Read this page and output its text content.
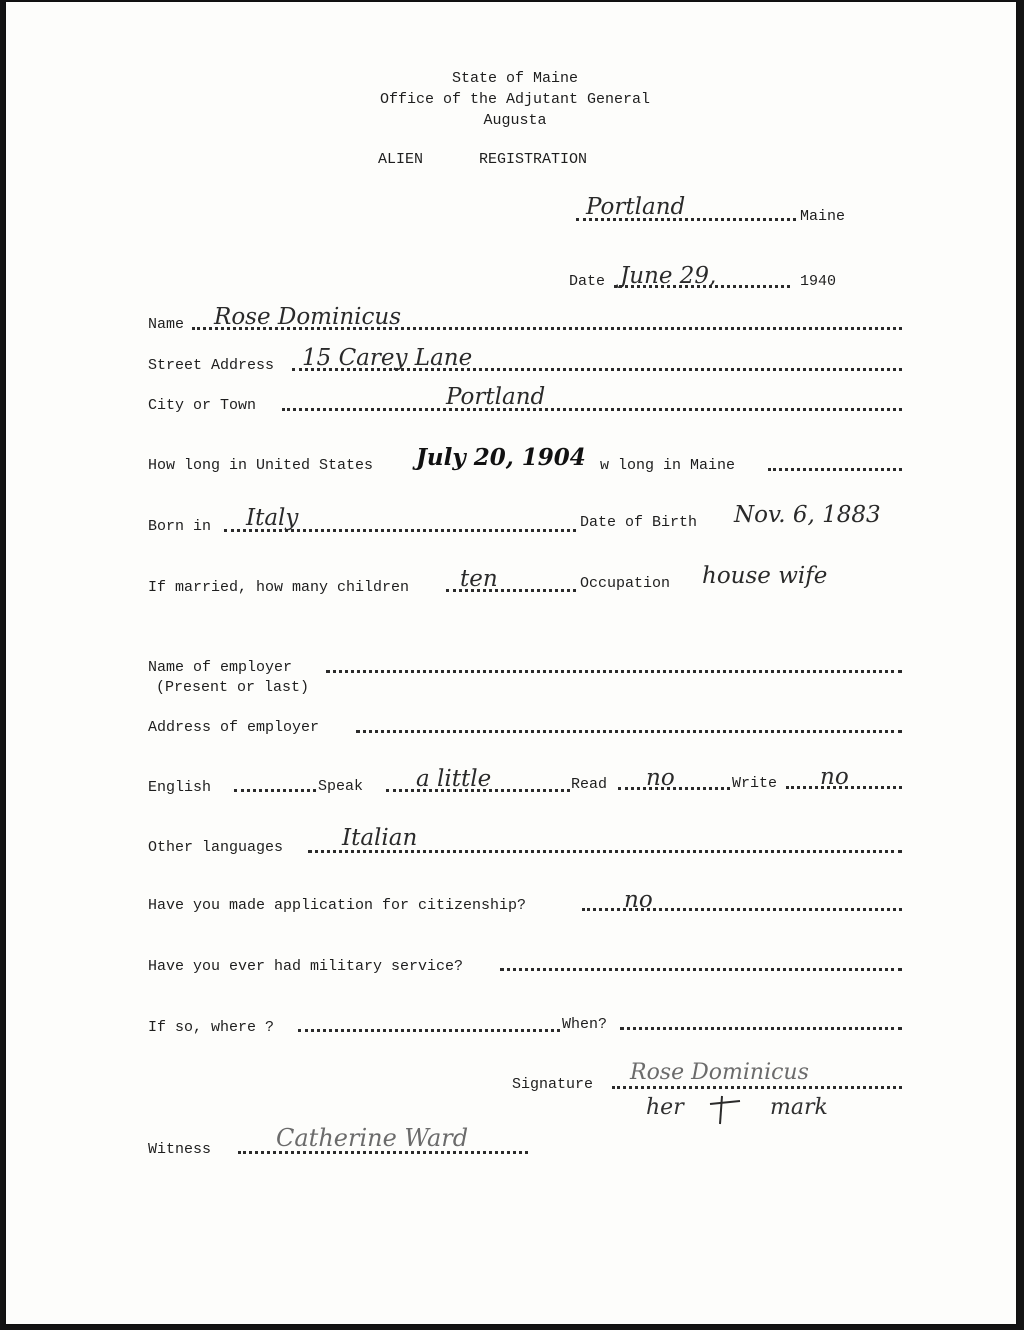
State of Maine
Office of the Adjutant General
Augusta
ALIEN	REGISTRATION
Portland	Maine
Date June 29,	1940
Name Rose Dominicus
Street Address 15 Carey Lane
City or Town	Portland
How long in United States July 20, 1904 w long in Maine
Born in Italy	Date of Birth Nov. 6, 1883
If married, how many children ten	Occupation house wife
Name of employer
(Present or last)
Address of employer
English	Speak a little	Read no	Write no
Other languages	Italian
Have you made application for citizenship?	no
Have you ever had military service?
If so, where ?	When?
Signature Rose Dominicus
her	mark
Witness	Catherine Ward
